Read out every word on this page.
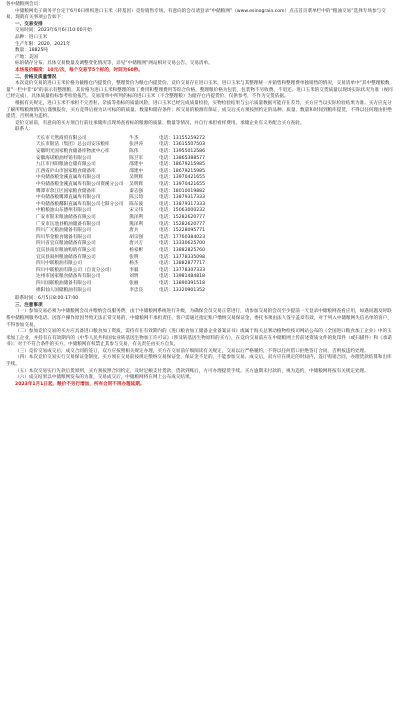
各中储粮网会员：

中储粮网电子商务平台定于6月6日组织进口玉米（转基因）竞价销售专场。有意向的会员请登录“中储粮网”（www.esinograin.com）点击首页菜单栏中的“粮油交易”选择专场参与交易。现就有关事项公告如下：

一、交易安排

交易时间：2023年6月6日10:00开始

品种：进口玉米

生产年限：2020、2021年

数量：18825吨

产地：美国

标的储存分布、具体交易数量及调整变化情况等，详见“中储粮网”网站相对交易公告、交易清单。

本场报价幅度：10元/次，每个交易节5个标的，时间为60秒。

二、价格及质量情况

本次竞价交易的进口玉米价格为截粮仓内提货价，整理货价为粮仓内提货价。竞价交易存在进口玉米，进口玉米与其整理统一并销售和整理费单独销售的情况，交易清单中“其中整理粮数量”一栏中非“0”的表示有整理粮，其价格为进口玉米和整理的加工费用和整理费用等综合价格，整理粮价格为包装，包装物不另收费，不退还。进口玉米的交货质量以现场实际状况为准（视同已经完成），具体质量指标参考检验报告。交易清单中所列的标的进口玉米（不含整理粮）为储存仓内提货价，仅供参考，不作为交货依据。

根据有关规定，进口玉米不承担不完善粒、杂质等指标的质量风险，进口玉米已经完成质量检验，实物检验结果与公示质量数据可能存在差异，买方应当以实际检验结果为准。买方应充分了解所购粮源情况后谨慎报价，买方竞得后视为认可标的的质量、数量和储存条件；所交易的粮源有保证，成交后买方须按照约定的品种、质量、数量和时间到粮库提货，不得以任何理由拒绝提货，否则视为违约。

竞价交易前，有意向的买方须自行前往承储库点现场查看标的粮源的质量、数量等情况，并自行承担看样费用。承储企业有义务配合买方查验。

联系人：

天长市天然商贸有限公司	牛杰	电话：13155259272
天长市银洁（集团）总公司安乐粮库	张洪涛	电话：13615507503
安徽明光国家粮食储备库物流中心库	陈伟	电话：13955012586
安徽海诺粮油经销有限公司	陈卫军	电话：13865388577
九江市浔阳粮油仓储有限公司	邵建中	电话：18679215985
江西省庐山市国家粮食储备库	邵建中	电话：18679215985
中央储备粮金溪直属库有限公司	吴明辉	电话：13970421655
中央储备粮金溪直属库有限公司资溪分公司	吴明辉	电话：13970421655
鹰潭市余江区国家粮食储备库	秦志强	电话：18010019882
中央储备粮鹰潭直属库有限公司	陈云琦	电话：13879317333
中央储备粮鄱阳直属库有限公司七阳分公司	陈东波	电话：13879317333
中粮粮油山东德州有限公司	宋义伟	电话：15063000232
广安市银禾粮油储备有限公司	熊泽利	电话：15282620777
广安市岳池县粮油储备有限公司	熊泽利	电话：15282620777
四川广元粮油储备有限公司	唐兵	电话：15228095771
四川华金粮食储备有限公司	胡宗强	电话：17760384023
四川省宜宾粮油储备有限公司	唐兴万	电话：13330625700
宜宾县南岸粮油购销有限公司	杨家彬	电话：13882825760
宜宾县叙州粮油储备有限公司	张明	电话：13778335098
四川中联粮油有限公司	杨杰	电话：13882877717
四川中联粮油有限公司（自贡分公司）	李毅	电话：13778307333
达州市国家粮食储备库有限公司	刘明	电话：13981484818
四川国联粮油储备有限公司	张丽	电话：13890391518
绵阳仙人国储粮油有限公司	李忠良	电话：13320901352

联系时间：6月5日8:00-17:00

三、注意事项

（一）参加交易必须为中储粮网会员并缴纳会员服务费，由于中储粮网系统进行升级，为确保会员交易正常进行，请参加交易的会员至少提前一天登录中储粮网查看应用，如遇问题及时联系中储粮网服务电话。因客户操作原因导致无法正常交易的，中储粮网不承担责任。客户需通过指定账户缴纳交易保证金，委托书须由法人签字盖章有效，对于列入中储粮网失信名单的客户，不得参加交易。

（二）参加竞价交易的买方应具备进口粮食加工资质，需持有在有效期内的《进口粮食加工储备企业备案证书》或属于海关总署动植物检疫司网站公布的《全国进口粮食加工企业》中的玉米加工企业，并持有在有效期内的《中华人民共和国农业转基因生物加工许可证》（涉及转基因生物原料的买方），在竞价交易前应在中储粮网上传前述资质文件的复印件（或扫描件）和《承诺书》；对于不符合条件的买方，中储粮网有权禁止其参与交易，有关责任由买方自负。

（三）竞价交易成交后，成交合同的签订，双方应按照相关规定办理，买方在交易前仔细阅读有关规定，交易以后严格履约，不得以任何借口拒绝签订合同，否则按违约处理。

（四）本次竞价交易实行交易保证金制度，买方须在交易前按规定缴纳交易保证金，保证金不足的，不能参加交易。成交后，双方应在规定的时间内，签订购销合同，办理货款结算和出库手续。

（五）本次交易实行先款后货原则，买方须按照合同约定，及时足额支付货款，货款到账后，方可办理提货手续。买方逾期未付款的，视为违约，中储粮网将按有关规定处理。

（六）成交结果以中储粮网发布的为准，交易成交后，中储粮网将在网上公布成交结果。

2023年1月1日起，粮价不另行增加，所有合同不再办理延期。
